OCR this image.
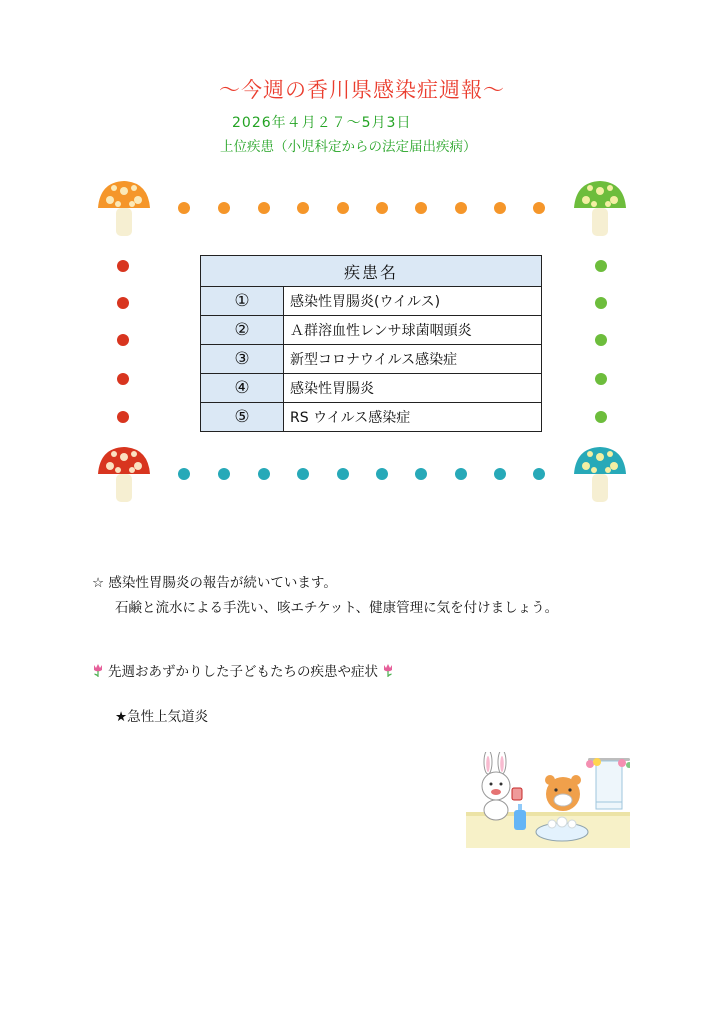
～今週の香川県感染症週報～
2026年４月２７～5月3日
上位疾患（小児科定からの法定届出疾病）
疾患名	
①	感染性胃腸炎(ウイルス)
②	Ａ群溶血性レンサ球菌咽頭炎
③	新型コロナウイルス感染症
④	感染性胃腸炎
⑤	RS ウイルス感染症
☆ 感染性胃腸炎の報告が続いています。
石鹸と流水による手洗い、咳エチケット、健康管理に気を付けましょう。
先週おあずかりした子どもたちの疾患や症状
★急性上気道炎
